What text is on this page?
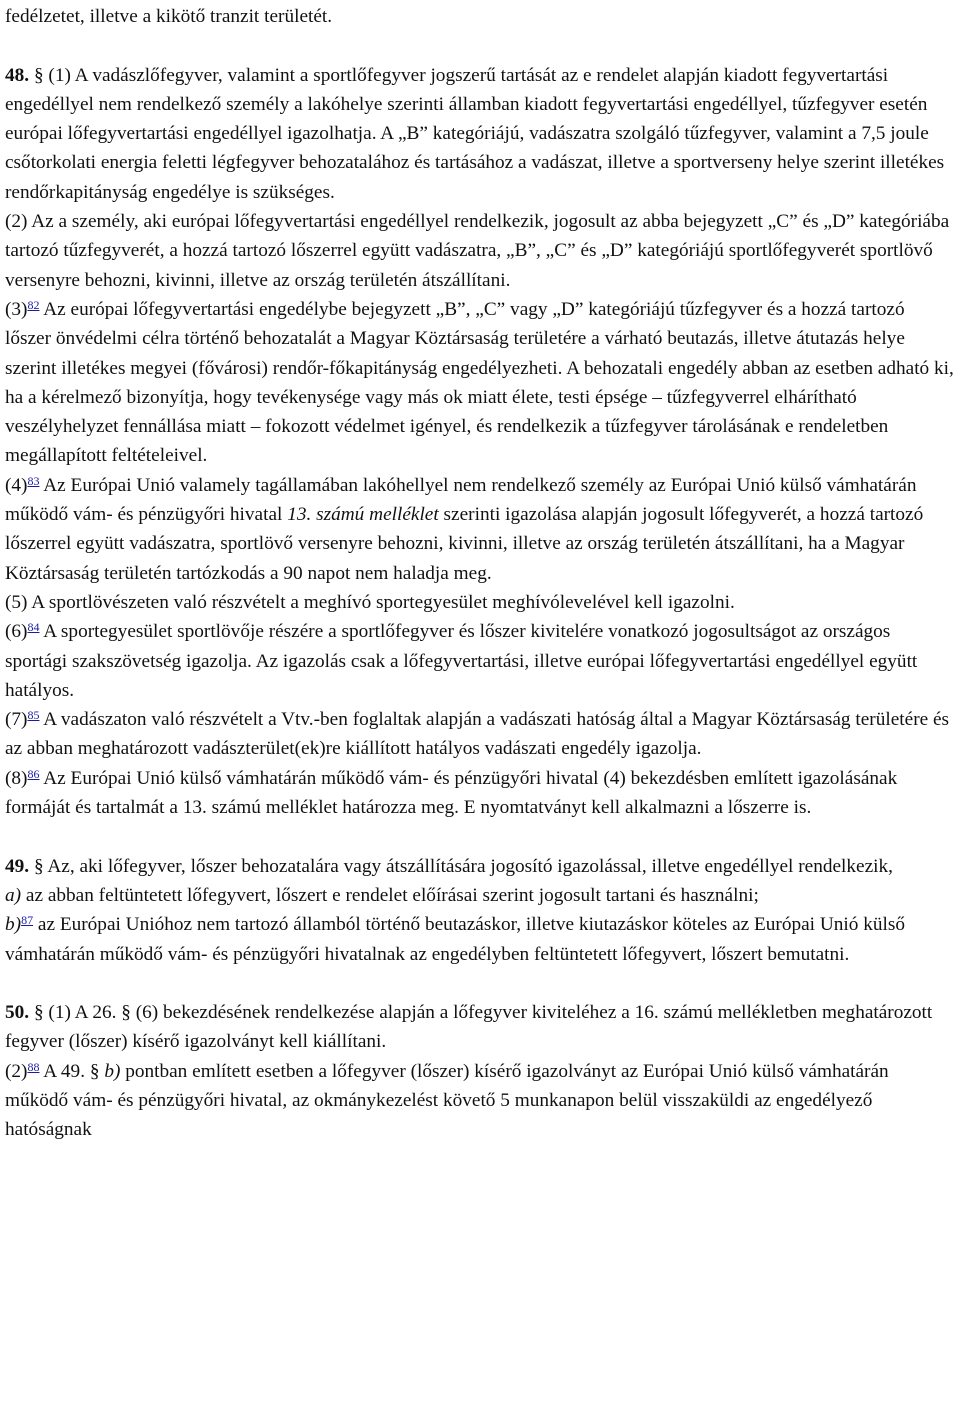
fedélzetet, illetve a kikötő tranzit területét.

48. § (1) A vadászlőfegyver, valamint a sportlőfegyver jogszerű tartását az e rendelet alapján kiadott fegyvertartási engedéllyel nem rendelkező személy a lakóhelye szerinti államban kiadott fegyvertartási engedéllyel, tűzfegyver esetén európai lőfegyvertartási engedéllyel igazolhatja. A „B” kategóriájú, vadászatra szolgáló tűzfegyver, valamint a 7,5 joule csőtorkolati energia feletti légfegyver behozatalához és tartásához a vadászat, illetve a sportverseny helye szerint illetékes rendőrkapitányság engedélye is szükséges.

(2) Az a személy, aki európai lőfegyvertartási engedéllyel rendelkezik, jogosult az abba bejegyzett „C” és „D” kategóriába tartozó tűzfegyverét, a hozzá tartozó lőszerrel együtt vadászatra, „B”, „C” és „D” kategóriájú sportlőfegyverét sportlövő versenyre behozni, kivinni, illetve az ország területén átszállítani.

$(3)^{82}$ Az európai lőfegyvertartási engedélybe bejegyzett „B”, „C” vagy „D” kategóriájú tűzfegyver és a hozzá tartozó lőszer önvédelmi célra történő behozatalát a Magyar Köztársaság területére a várható beutazás, illetve átutazás helye szerint illetékes megyei (fővárosi) rendőr-főkapitányság engedélyezheti. A behozatali engedély abban az esetben adható ki, ha a kérelmező bizonyítja, hogy tevékenysége vagy más ok miatt élete, testi épsége – tűzfegyverrel elhárítható veszélyhelyzet fennállása miatt – fokozott védelmet igényel, és rendelkezik a tűzfegyver tárolásának e rendeletben megállapított feltételeivel.

$(4)^{83}$ Az Európai Unió valamely tagállamában lakóhellyel nem rendelkező személy az Európai Unió külső vámhatárán működő vám- és pénzügyőri hivatal 13. számú melléklet szerinti igazolása alapján jogosult lőfegyverét, a hozzá tartozó lőszerrel együtt vadászatra, sportlövő versenyre behozni, kivinni, illetve az ország területén átszállítani, ha a Magyar Köztársaság területén tartózkodás a 90 napot nem haladja meg.

(5) A sportlövészeten való részvételt a meghívó sportegyesület meghívólevelével kell igazolni.

$(6)^{84}$ A sportegyesület sportlövője részére a sportlőfegyver és lőszer kivitelére vonatkozó jogosultságot az országos sportági szakszövetség igazolja. Az igazolás csak a lőfegyvertartási, illetve európai lőfegyvertartási engedéllyel együtt hatályos.

$(7)^{85}$ A vadászaton való részvételt a Vtv.-ben foglaltak alapján a vadászati hatóság által a Magyar Köztársaság területére és az abban meghatározott vadászterület(ek)re kiállított hatályos vadászati engedély igazolja.

$(8)^{86}$ Az Európai Unió külső vámhatárán működő vám- és pénzügyőri hivatal (4) bekezdésben említett igazolásának formáját és tartalmát a 13. számú melléklet határozza meg. E nyomtatványt kell alkalmazni a lőszerre is.

49. § Az, aki lőfegyver, lőszer behozatalára vagy átszállítására jogosító igazolással, illetve engedéllyel rendelkezik,

a) az abban feltüntetett lőfegyvert, lőszert e rendelet előírásai szerint jogosult tartani és használni;

b)$^{87}$ az Európai Unióhoz nem tartozó államból történő beutazáskor, illetve kiutazáskor köteles az Európai Unió külső vámhatárán működő vám- és pénzügyőri hivatalnak az engedélyben feltüntetett lőfegyvert, lőszert bemutatni.

50. § (1) A 26. § (6) bekezdésének rendelkezése alapján a lőfegyver kiviteléhez a 16. számú mellékletben meghatározott fegyver (lőszer) kísérő igazolványt kell kiállítani.

$(2)^{88}$ A 49. § b) pontban említett esetben a lőfegyver (lőszer) kísérő igazolványt az Európai Unió külső vámhatárán működő vám- és pénzügyőri hivatal, az okmánykezelést követő 5 munkanapon belül visszaküldi az engedélyező hatóságnak
